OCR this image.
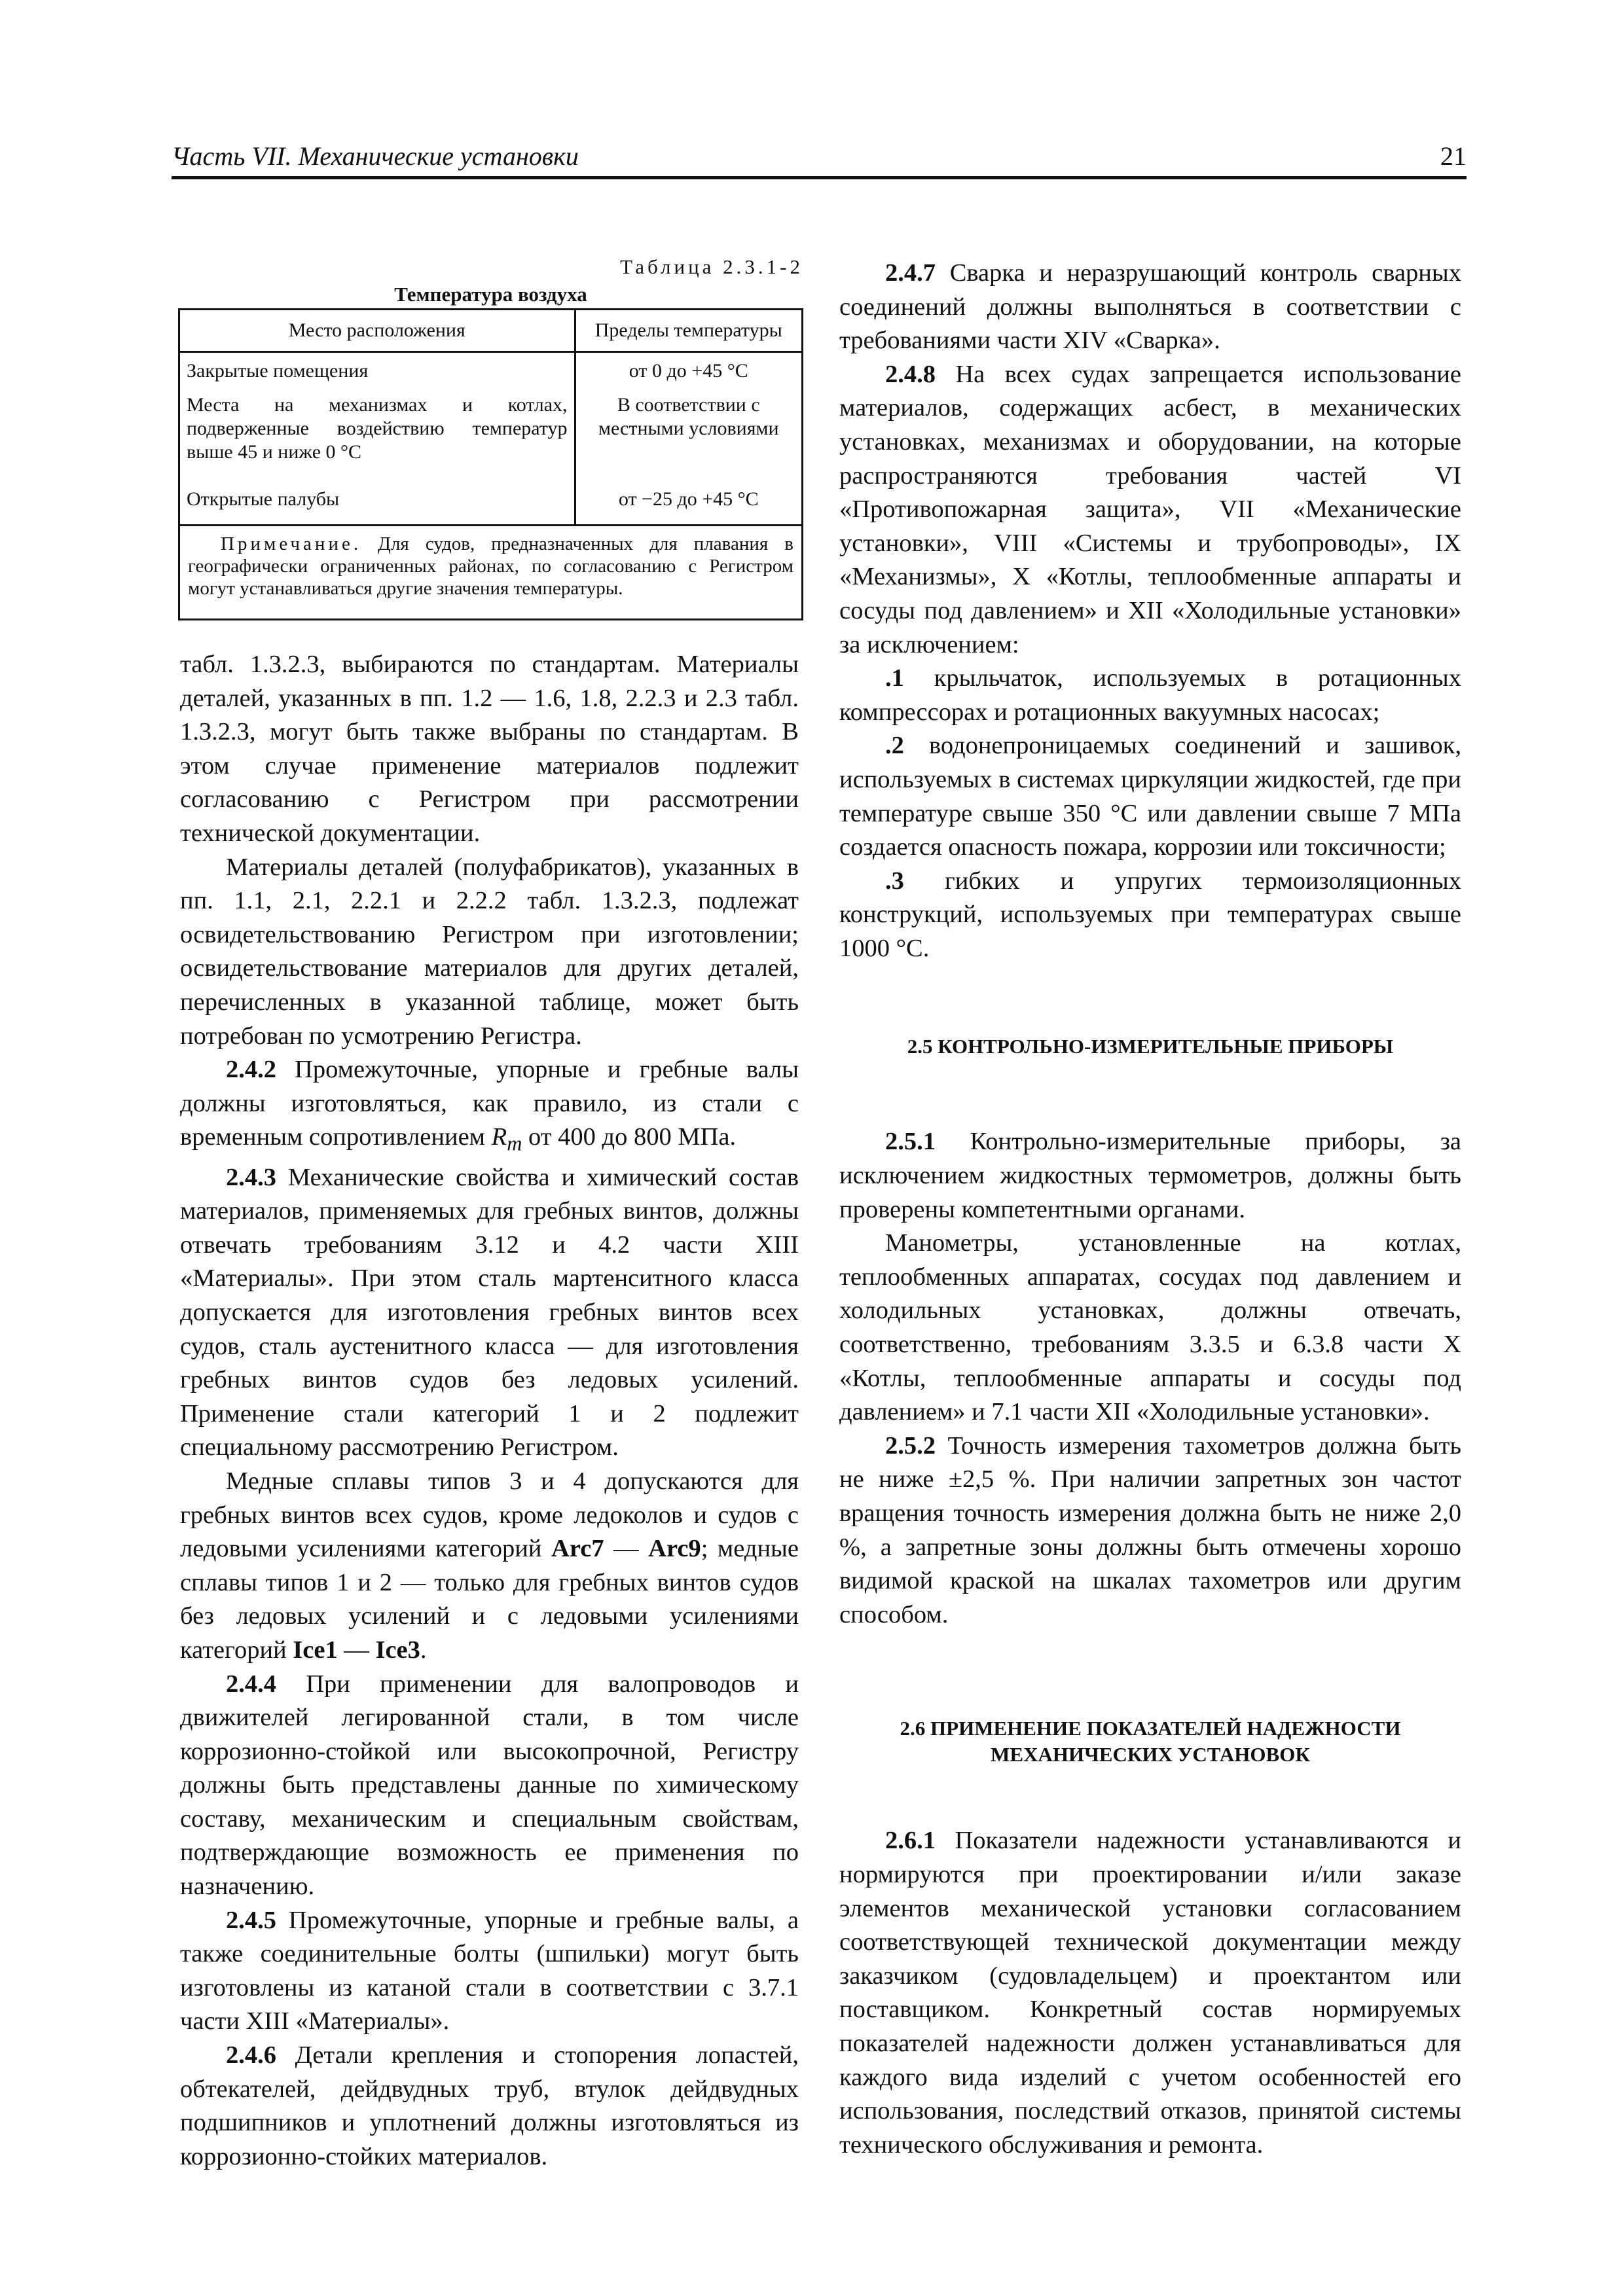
Часть VII. Механические установки	21
Таблица 2.3.1-2
Температура воздуха
Место расположения	Пределы температуры
Закрытые помещения	от 0 до +45 °С
Места на механизмах и котлах, подверженные воздействию температур выше 45 и ниже 0 °С	В соответствии с местными условиями
Открытые палубы	от −25 до +45 °С
Примечание. Для судов, предназначенных для плавания в географически ограниченных районах, по согласованию с Регистром могут устанавливаться другие значения температуры.	

табл. 1.3.2.3, выбираются по стандартам. Материалы деталей, указанных в пп. 1.2 — 1.6, 1.8, 2.2.3 и 2.3 табл. 1.3.2.3, могут быть также выбраны по стандартам. В этом случае применение материалов подлежит согласованию с Регистром при рассмотрении технической документации.

Материалы деталей (полуфабрикатов), указанных в пп. 1.1, 2.1, 2.2.1 и 2.2.2 табл. 1.3.2.3, подлежат освидетельствованию Регистром при изготовлении; освидетельствование материалов для других деталей, перечисленных в указанной таблице, может быть потребован по усмотрению Регистра.

2.4.2 Промежуточные, упорные и гребные валы должны изготовляться, как правило, из стали с временным сопротивлением $R_m$ от 400 до 800 МПа.

2.4.3 Механические свойства и химический состав материалов, применяемых для гребных винтов, должны отвечать требованиям 3.12 и 4.2 части XIII «Материалы». При этом сталь мартенситного класса допускается для изготовления гребных винтов всех судов, сталь аустенитного класса — для изготовления гребных винтов судов без ледовых усилений. Применение стали категорий 1 и 2 подлежит специальному рассмотрению Регистром.

Медные сплавы типов 3 и 4 допускаются для гребных винтов всех судов, кроме ледоколов и судов с ледовыми усилениями категорий Arc7 — Arc9; медные сплавы типов 1 и 2 — только для гребных винтов судов без ледовых усилений и с ледовыми усилениями категорий Ice1 — Ice3.

2.4.4 При применении для валопроводов и движителей легированной стали, в том числе коррозионно-стойкой или высокопрочной, Регистру должны быть представлены данные по химическому составу, механическим и специальным свойствам, подтверждающие возможность ее применения по назначению.

2.4.5 Промежуточные, упорные и гребные валы, а также соединительные болты (шпильки) могут быть изготовлены из катаной стали в соответствии с 3.7.1 части XIII «Материалы».

2.4.6 Детали крепления и стопорения лопастей, обтекателей, дейдвудных труб, втулок дейдвудных подшипников и уплотнений должны изготовляться из коррозионно-стойких материалов.

2.4.7 Сварка и неразрушающий контроль сварных соединений должны выполняться в соответствии с требованиями части XIV «Сварка».

2.4.8 На всех судах запрещается использование материалов, содержащих асбест, в механических установках, механизмах и оборудовании, на которые распространяются требования частей VI «Противопожарная защита», VII «Механические установки», VIII «Системы и трубопроводы», IX «Механизмы», X «Котлы, теплообменные аппараты и сосуды под давлением» и XII «Холодильные установки» за исключением:

.1 крыльчаток, используемых в ротационных компрессорах и ротационных вакуумных насосах;

.2 водонепроницаемых соединений и зашивок, используемых в системах циркуляции жидкостей, где при температуре свыше 350 °С или давлении свыше 7 МПа создается опасность пожара, коррозии или токсичности;

.3 гибких и упругих термоизоляционных конструкций, используемых при температурах свыше 1000 °С.

2.5 КОНТРОЛЬНО-ИЗМЕРИТЕЛЬНЫЕ ПРИБОРЫ

2.5.1 Контрольно-измерительные приборы, за исключением жидкостных термометров, должны быть проверены компетентными органами.

Манометры, установленные на котлах, теплообменных аппаратах, сосудах под давлением и холодильных установках, должны отвечать, соответственно, требованиям 3.3.5 и 6.3.8 части X «Котлы, теплообменные аппараты и сосуды под давлением» и 7.1 части XII «Холодильные установки».

2.5.2 Точность измерения тахометров должна быть не ниже ±2,5 %. При наличии запретных зон частот вращения точность измерения должна быть не ниже 2,0 %, а запретные зоны должны быть отмечены хорошо видимой краской на шкалах тахометров или другим способом.

2.6 ПРИМЕНЕНИЕ ПОКАЗАТЕЛЕЙ НАДЕЖНОСТИ

МЕХАНИЧЕСКИХ УСТАНОВОК

2.6.1 Показатели надежности устанавливаются и нормируются при проектировании и/или заказе элементов механической установки согласованием соответствующей технической документации между заказчиком (судовладельцем) и проектантом или поставщиком. Конкретный состав нормируемых показателей надежности должен устанавливаться для каждого вида изделий с учетом особенностей его использования, последствий отказов, принятой системы технического обслуживания и ремонта.
